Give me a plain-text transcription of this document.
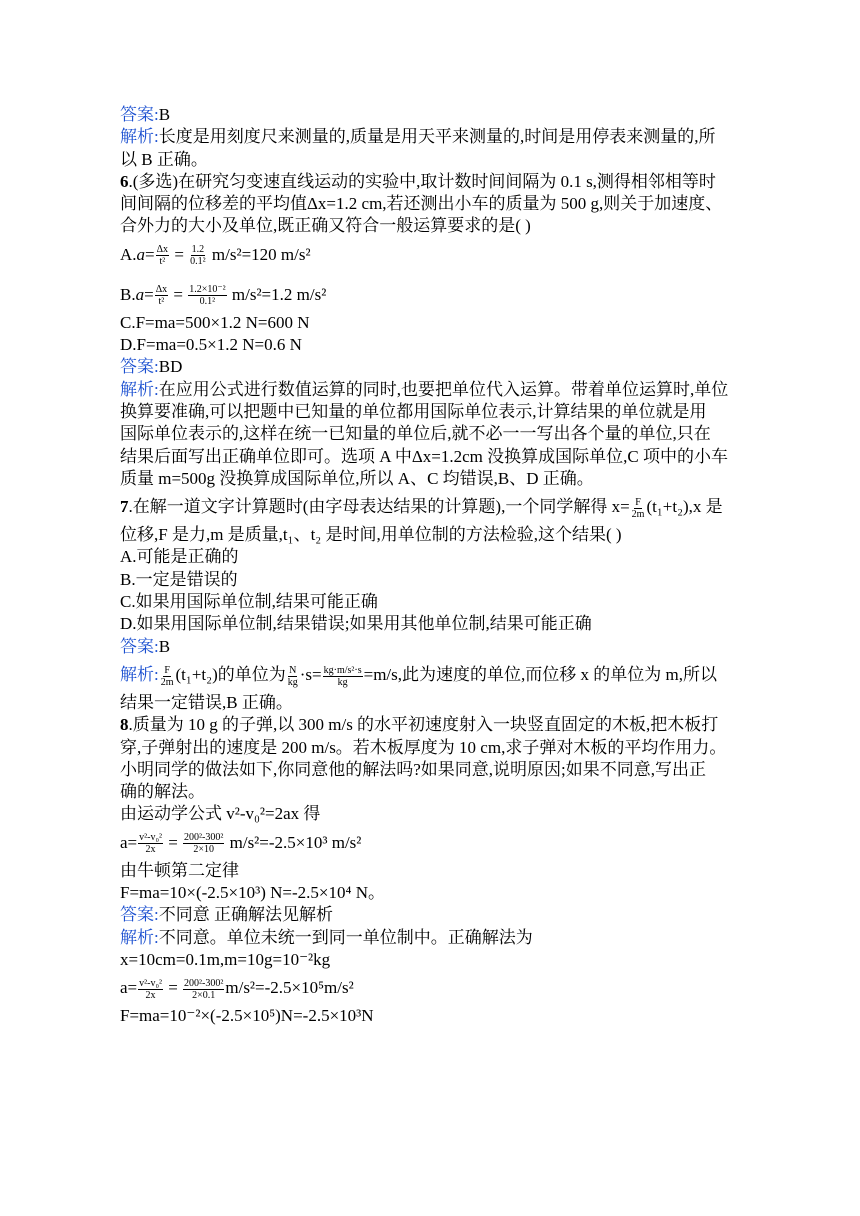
答案:B
解析:长度是用刻度尺来测量的,质量是用天平来测量的,时间是用停表来测量的,所
以 B 正确。
6.(多选)在研究匀变速直线运动的实验中,取计数时间间隔为 0.1 s,测得相邻相等时
间间隔的位移差的平均值Δx=1.2 cm,若还测出小车的质量为 500 g,则关于加速度、
合外力的大小及单位,既正确又符合一般运算要求的是( )
$A.a= \frac{\Delta x}{\text{t²}} = \frac{1.2}{\text{0.1²}} m/s^2=120$ m/s²
$B.a= \frac{\Delta x}{\text{t²}} = \frac{\text{1.2×10⁻²}}{\text{0.1²}} m/s^2=1.2$ m/s²
C.F=ma=500×1.2 N=600 N
D.F=ma=0.5×1.2 N=0.6 N
答案:BD
解析:在应用公式进行数值运算的同时,也要把单位代入运算。带着单位运算时,单位
换算要准确,可以把题中已知量的单位都用国际单位表示,计算结果的单位就是用
国际单位表示的,这样在统一已知量的单位后,就不必一一写出各个量的单位,只在
结果后面写出正确单位即可。选项 A 中Δx=1.2cm 没换算成国际单位,C 项中的小车
质量 m=500g 没换算成国际单位,所以 A、C 均错误,B、D 正确。
7.在解一道文字计算题时(由字母表达结果的计算题),一个同学解得 $x= \frac{F}{2m} (t_1+t_2),x$ 是
位移,F 是力,m 是质量,t₁、t₂ 是时间,用单位制的方法检验,这个结果( )
A.可能是正确的
B.一定是错误的
C.如果用国际单位制,结果可能正确
D.如果用国际单位制,结果错误;如果用其他单位制,结果可能正确
答案:B
解析: $\frac{F}{2m} (t_1+t_2)$的单位为 $\frac{N}{kg} \cdot s= \frac{\text{kg·m/s²·s}}{kg} =m/s$,此为速度的单位,而位移 x 的单位为 m,所以
结果一定错误,B 正确。
8.质量为 10 g 的子弹,以 300 m/s 的水平初速度射入一块竖直固定的木板,把木板打
穿,子弹射出的速度是 200 m/s。若木板厚度为 10 cm,求子弹对木板的平均作用力。
小明同学的做法如下,你同意他的解法吗?如果同意,说明原因;如果不同意,写出正
确的解法。
由运动学公式 v²-v₀²=2ax 得
$a= \frac{\text{v²-v₀²}}{2x} = \frac{\text{200²-300²}}{2\times 10} m/s^2=-2.5\times 10^3$ m/s²
由牛顿第二定律
F=ma=10×(-2.5×10³) N=-2.5×10⁴ N。
答案:不同意 正确解法见解析
解析:不同意。单位未统一到同一单位制中。正确解法为
x=10cm=0.1m,m=10g=10⁻²kg
$a= \frac{\text{v²-v₀²}}{2x} = \frac{\text{200²-300²}}{2\times 0.1} m/s^2=-2.5\times 10^5m/s^2$
F=ma=10⁻²×(-2.5×10⁵)N=-2.5×10³N
